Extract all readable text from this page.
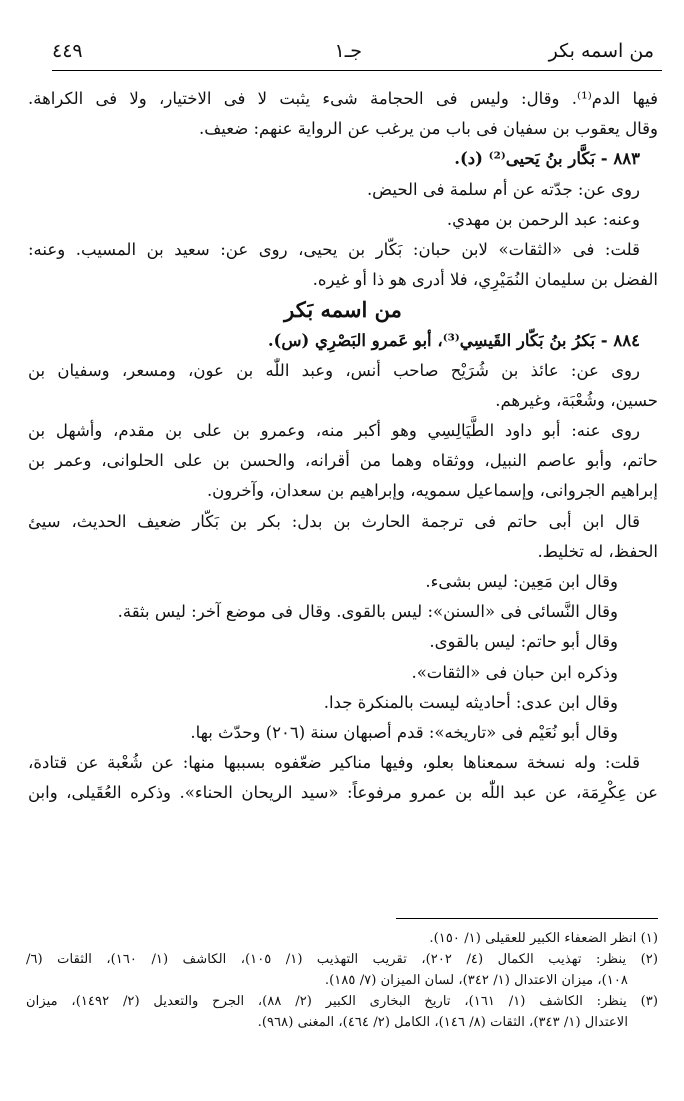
من اسمه بكر
جـ١
٤٤٩
فيها الدم⁽¹⁾. وقال: وليس فى الحجامة شىء يثبت لا فى الاختيار، ولا فى الكراهة.
وقال يعقوب بن سفيان فى باب من يرغب عن الرواية عنهم: ضعيف.
٨٨٣ - بَكَّار بنُ يَحيى⁽²⁾ (د).
روى عن: جدّته عن أم سلمة فى الحيض.
وعنه: عبد الرحمن بن مهدي.
قلت: فى «الثقات» لابن حبان: بَكّار بن يحيى، روى عن: سعيد بن المسيب. وعنه:
الفضل بن سليمان النُمَيْرِي، فلا أدرى هو ذا أو غيره.
من اسمه بَكر
٨٨٤ - بَكرُ بنُ بَكّار القَيسِي⁽³⁾، أبو عَمرو البَصْرِي (س).
روى عن: عائذ بن شُرَيْح صاحب أنس، وعبد اللّٰه بن عون، ومسعر، وسفيان بن
حسين، وشُعْبَة، وغيرهم.
روى عنه: أبو داود الطَّيَالِسِي وهو أكبر منه، وعمرو بن على بن مقدم، وأشهل بن
حاتم، وأبو عاصم النبيل، ووثقاه وهما من أقرانه، والحسن بن على الحلوانى، وعمر بن
إبراهيم الجروانى، وإسماعيل سمويه، وإبراهيم بن سعدان، وآخرون.
قال ابن أبى حاتم فى ترجمة الحارث بن بدل: بكر بن بَكّار ضعيف الحديث، سيئ
الحفظ، له تخليط.
وقال ابن مَعِين: ليس بشىء.
وقال النَّسائى فى «السنن»: ليس بالقوى. وقال فى موضع آخر: ليس بثقة.
وقال أبو حاتم: ليس بالقوى.
وذكره ابن حبان فى «الثقات».
وقال ابن عدى: أحاديثه ليست بالمنكرة جدا.
وقال أبو نُعَيْم فى «تاريخه»: قدم أصبهان سنة (٢٠٦) وحدّث بها.
قلت: وله نسخة سمعناها بعلو، وفيها مناكير ضعّفوه بسببها منها: عن شُعْبة عن قتادة،
عن عِكْرِمَة، عن عبد اللّٰه بن عمرو مرفوعاً: «سيد الريحان الحناء». وذكره العُقَيلى، وابن
(١) انظر الضعفاء الكبير للعقيلى (١/ ١٥٠).
(٢) ينظر: تهذيب الكمال (٤/ ٢٠٢)، تقريب التهذيب (١/ ١٠٥)، الكاشف (١/ ١٦٠)، الثقات (٦/
١٠٨)، ميزان الاعتدال (١/ ٣٤٢)، لسان الميزان (٧/ ١٨٥).
(٣) ينظر: الكاشف (١/ ١٦١)، تاريخ البخارى الكبير (٢/ ٨٨)، الجرح والتعديل (٢/ ١٤٩٢)، ميزان
الاعتدال (١/ ٣٤٣)، الثقات (٨/ ١٤٦)، الكامل (٢/ ٤٦٤)، المغنى (٩٦٨).
